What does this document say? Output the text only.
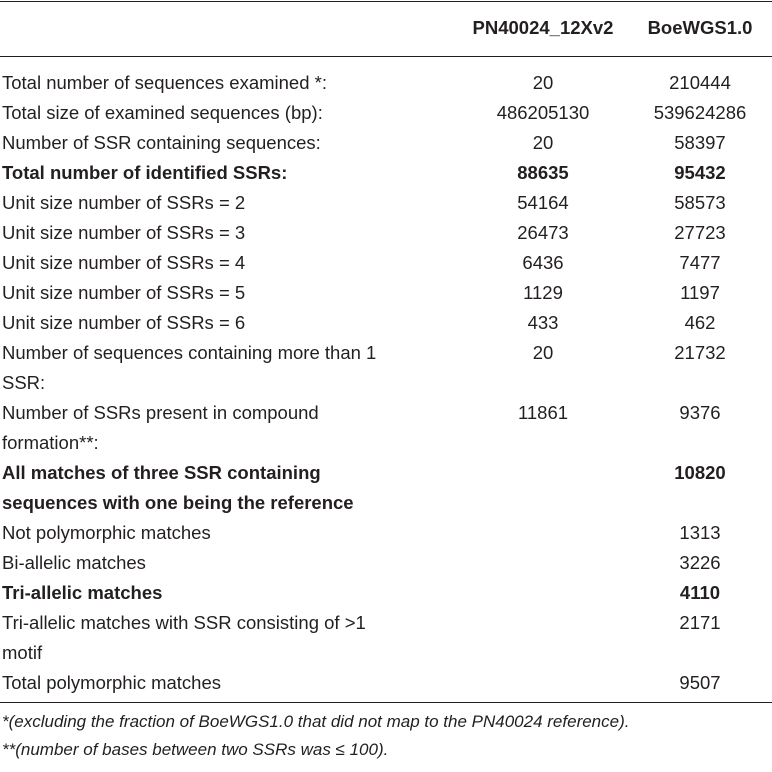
	PN40024_12Xv2	BoeWGS1.0

Total number of sequences examined *:	20	210444
Total size of examined sequences (bp):	486205130	539624286
Number of SSR containing sequences:	20	58397
Total number of identified SSRs:	88635	95432
Unit size number of SSRs = 2	54164	58573
Unit size number of SSRs = 3	26473	27723
Unit size number of SSRs = 4	6436	7477
Unit size number of SSRs = 5	1129	1197
Unit size number of SSRs = 6	433	462

Number of sequences containing more than 1
SSR:	20	21732

Number of SSRs present in compound
formation**:	11861	9376

All matches of three SSR containing
sequences with one being the reference		10820
Not polymorphic matches		1313
Bi-allelic matches		3226
Tri-allelic matches		4110

Tri-allelic matches with SSR consisting of >1
motif		2171
Total polymorphic matches		9507
*(excluding the fraction of BoeWGS1.0 that did not map to the PN40024 reference).
**(number of bases between two SSRs was ≤ 100).
